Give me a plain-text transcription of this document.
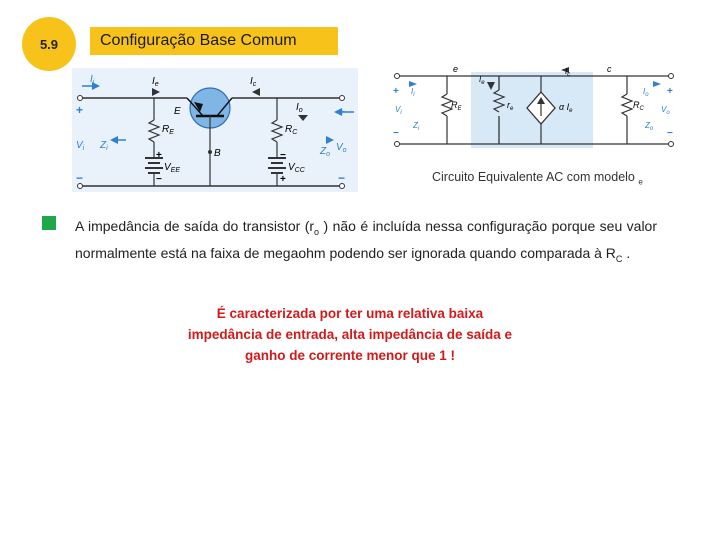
5.9	Configuração Base Comum
$I_i$	$I_e$	$I_c$
$I_o$
E
B
$R_E$	$R_C$
$V_{EE}$	$V_{CC}$
$V_i$ $Z_i$	$V_o$
$Z_o$
+
−
+
−
+
−
−
+
e	c
$R_E$	$r_e$	α $I_e$
$R_C$
$I_e$
$I_c$
$I_i$	$I_o$
$V_i$
$Z_i$
$V_o$
$Z_o$
+
−
+
−
Circuito Equivalente AC com modelo $_e$
A impedância de saída do transistor ($r_o$ ) não é incluída nessa configuração porque seu valor normalmente está na faixa de megaohm podendo ser ignorada quando comparada à $R_C$ .
É caracterizada por ter uma relativa baixa
impedância de entrada, alta impedância de saída e
ganho de corrente menor que 1 !
